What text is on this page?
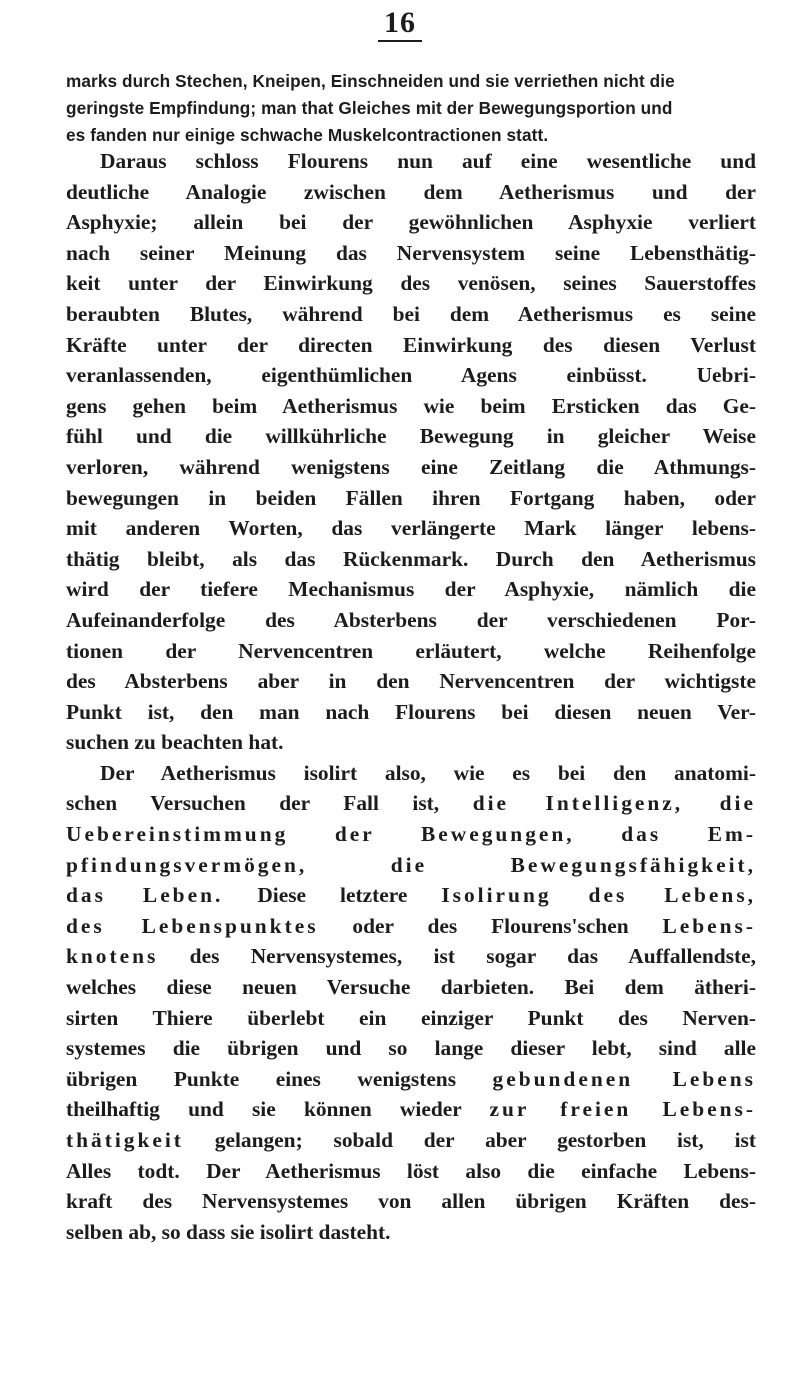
16
marks durch Stechen, Kneipen, Einschneiden und sie verriethen nicht die
geringste Empfindung; man that Gleiches mit der Bewegungsportion und
es fanden nur einige schwache Muskelcontractionen statt.
Daraus schloss Flourens nun auf eine wesentliche und
deutliche Analogie zwischen dem Aetherismus und der
Asphyxie; allein bei der gewöhnlichen Asphyxie verliert
nach seiner Meinung das Nervensystem seine Lebensthätig-
keit unter der Einwirkung des venösen, seines Sauerstoffes
beraubten Blutes, während bei dem Aetherismus es seine
Kräfte unter der directen Einwirkung des diesen Verlust
veranlassenden, eigenthümlichen Agens einbüsst. Uebri-
gens gehen beim Aetherismus wie beim Ersticken das Ge-
fühl und die willkührliche Bewegung in gleicher Weise
verloren, während wenigstens eine Zeitlang die Athmungs-
bewegungen in beiden Fällen ihren Fortgang haben, oder
mit anderen Worten, das verlängerte Mark länger lebens-
thätig bleibt, als das Rückenmark. Durch den Aetherismus
wird der tiefere Mechanismus der Asphyxie, nämlich die
Aufeinanderfolge des Absterbens der verschiedenen Por-
tionen der Nervencentren erläutert, welche Reihenfolge
des Absterbens aber in den Nervencentren der wichtigste
Punkt ist, den man nach Flourens bei diesen neuen Ver-
suchen zu beachten hat.
Der Aetherismus isolirt also, wie es bei den anatomi-
schen Versuchen der Fall ist, die Intelligenz, die
Uebereinstimmung der Bewegungen, das Em-
pfindungsvermögen, die Bewegungsfähigkeit,
das Leben. Diese letztere Isolirung des Lebens,
des Lebenspunktes oder des Flourens'schen Lebens-
knotens des Nervensystemes, ist sogar das Auffallendste,
welches diese neuen Versuche darbieten. Bei dem ätheri-
sirten Thiere überlebt ein einziger Punkt des Nerven-
systemes die übrigen und so lange dieser lebt, sind alle
übrigen Punkte eines wenigstens gebundenen Lebens
theilhaftig und sie können wieder zur freien Lebens-
thätigkeit gelangen; sobald der aber gestorben ist, ist
Alles todt. Der Aetherismus löst also die einfache Lebens-
kraft des Nervensystemes von allen übrigen Kräften des-
selben ab, so dass sie isolirt dasteht.
